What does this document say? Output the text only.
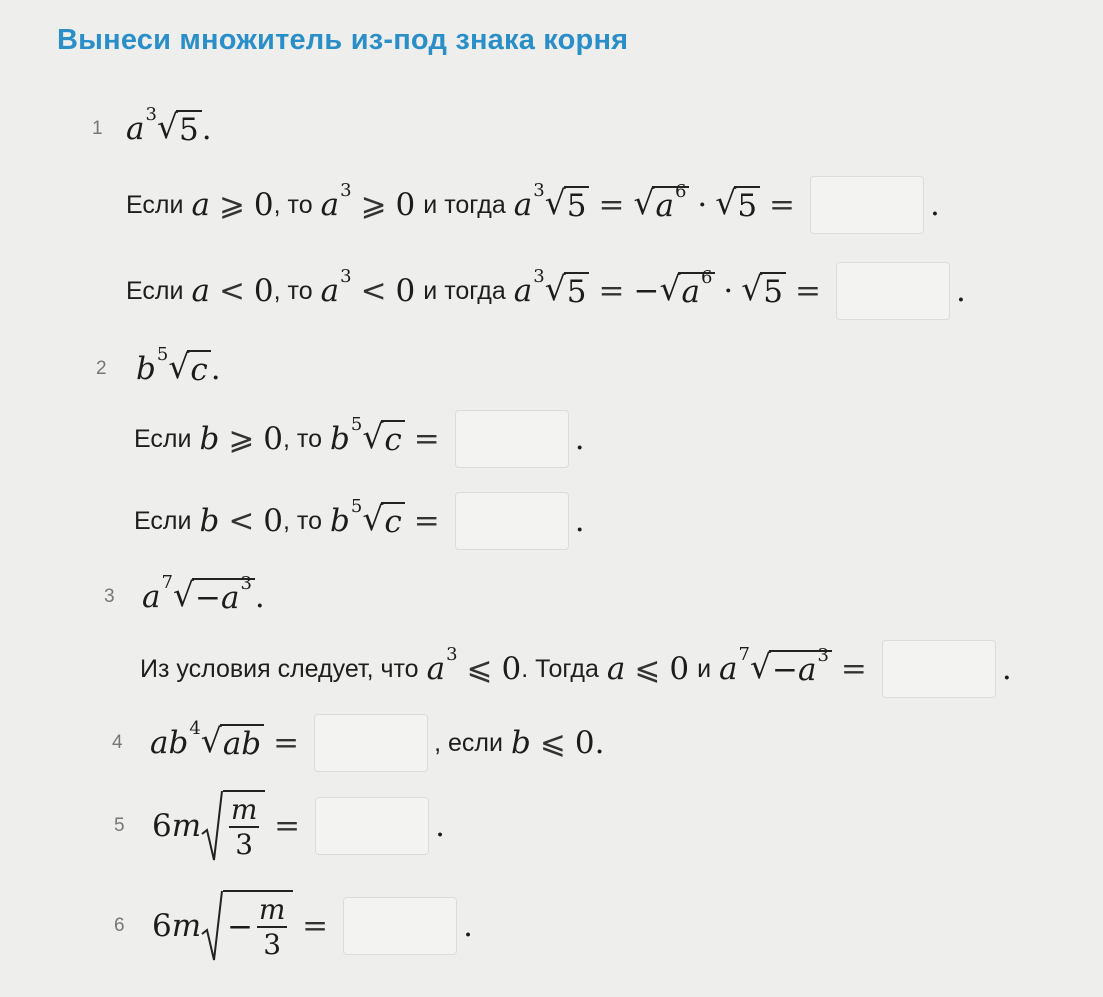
Вынеси множитель из-под знака корня
1 a 3 √ 5 .
Если a ⩾ 0 , то a 3 ⩾ 0 и тогда a 3 √ 5 = √ a 6 · √ 5 =	.
Если a < 0 , то a 3 < 0 и тогда a 3 √ 5 = − √ a 6 · √ 5 =	.
2 b 5 √ c .
Если b ⩾ 0 , то b 5 √ c =	.
Если b < 0 , то b 5 √ c =	.
3 a 7 √ − a 3 .
Из условия следует, что a 3 ⩽ 0 . Тогда a ⩽ 0 и a 7 √ − a 3 =	.
4 ab 4 √ ab =	, если b ⩽ 0 .
5 6 m $\frac{m}{3}$ =	.
6 6 $m - \frac{m}{3}$ =	.
